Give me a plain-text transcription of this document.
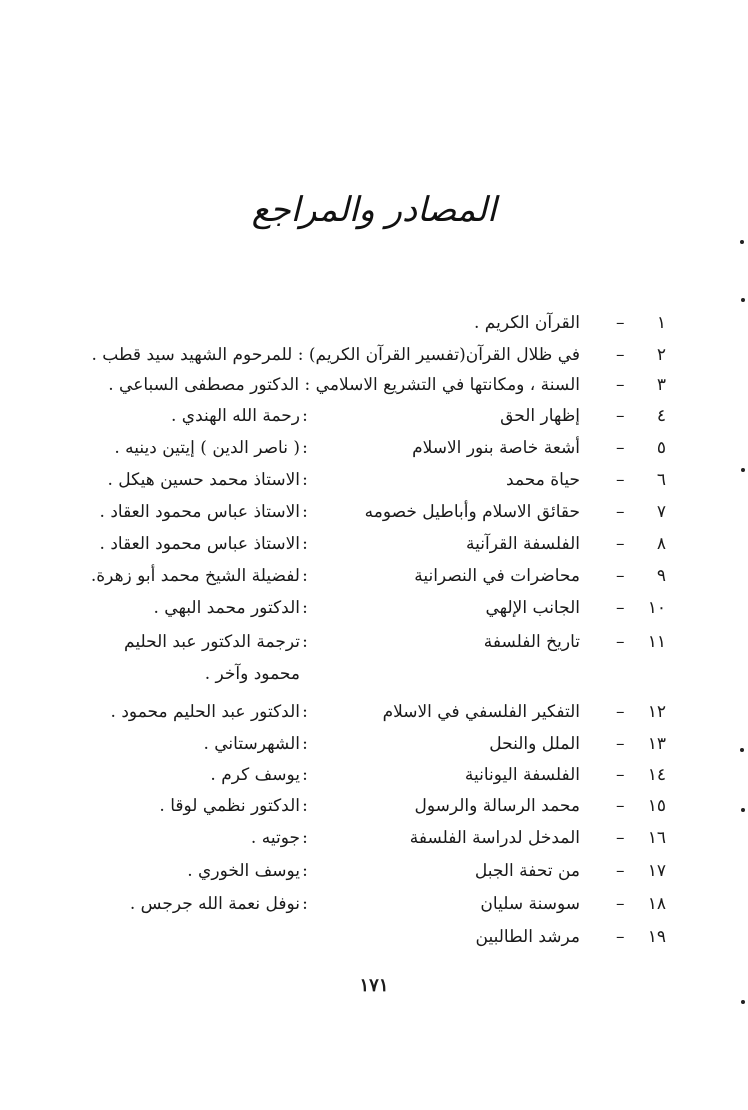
المصادر والمراجع
١
–
القرآن الكريم .
٢
–
في ظلال القرآن(تفسير القرآن الكريم) : للمرحوم الشهيد سيد قطب .
٣
–
السنة ، ومكانتها في التشريع الاسلامي : الدكتور مصطفى السباعي .
٤
–
إظهار الحق
:
رحمة الله الهندي .
٥
–
أشعة خاصة بنور الاسلام
:
( ناصر الدين ) إيتين دينيه .
٦
–
حياة محمد
:
الاستاذ محمد حسين هيكل .
٧
–
حقائق الاسلام وأباطيل خصومه
:
الاستاذ عباس محمود العقاد .
٨
–
الفلسفة القرآنية
:
الاستاذ عباس محمود العقاد .
٩
–
محاضرات في النصرانية
:
لفضيلة الشيخ محمد أبو زهرة.
١٠
–
الجانب الإلهي
:
الدكتور محمد البهي .
١١
–
تاريخ الفلسفة
:
ترجمة الدكتور عبد الحليم
محمود وآخر .
١٢
–
التفكير الفلسفي في الاسلام
:
الدكتور عبد الحليم محمود .
١٣
–
الملل والنحل
:
الشهرستاني .
١٤
–
الفلسفة اليونانية
:
يوسف كرم .
١٥
–
محمد الرسالة والرسول
:
الدكتور نظمي لوقا .
١٦
–
المدخل لدراسة الفلسفة
:
جوتيه .
١٧
–
من تحفة الجبل
:
يوسف الخوري .
١٨
–
سوسنة سليان
:
نوفل نعمة الله جرجس .
١٩
–
مرشد الطالبين
١٧١
